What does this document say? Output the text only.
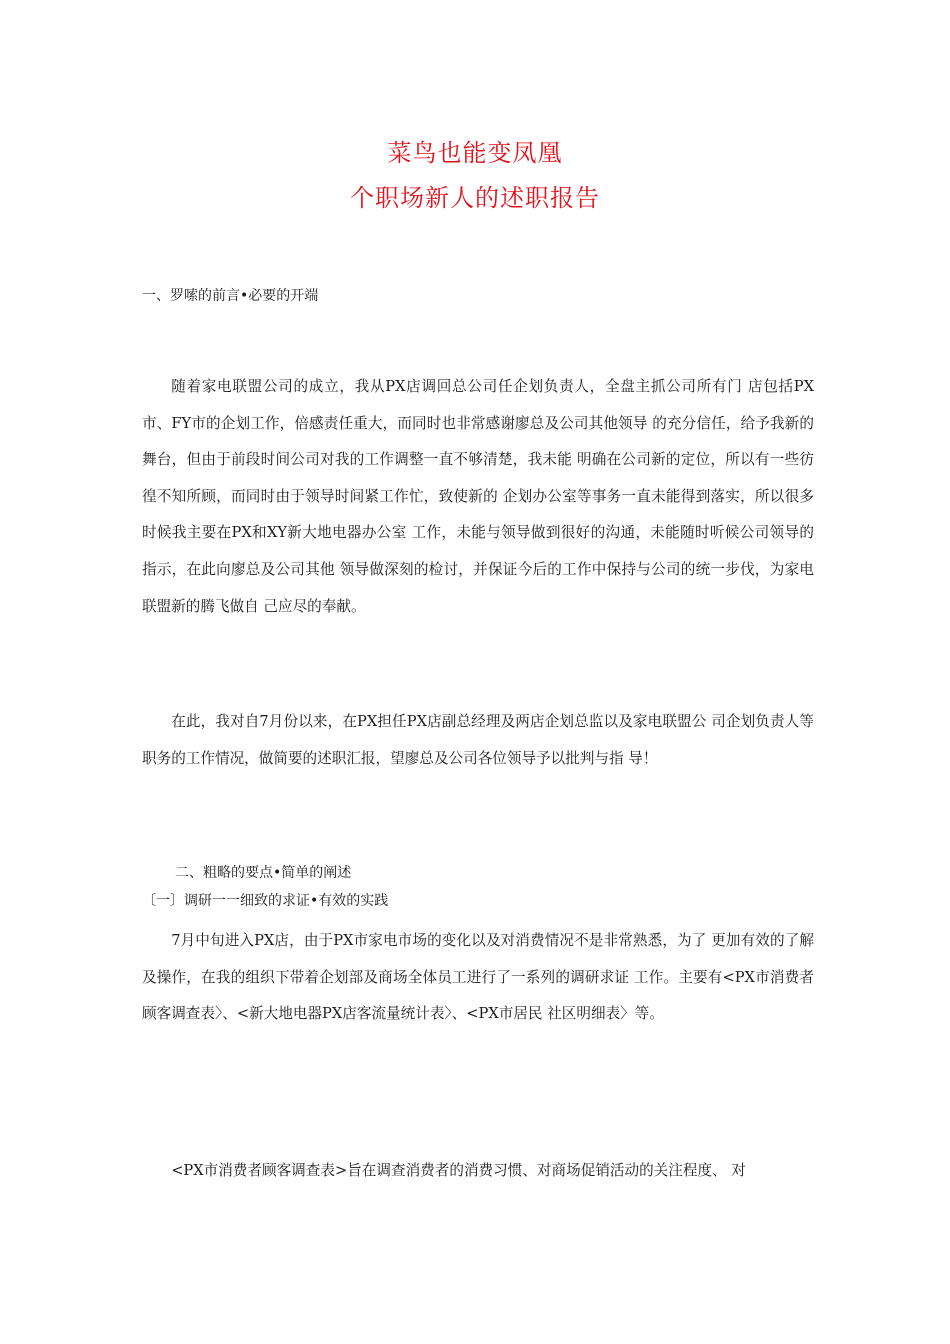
菜鸟也能变凤凰
个职场新人的述职报告
一、罗嗦的前言•必要的开端
随着家电联盟公司的成立，我从PX店调回总公司任企划负责人，全盘主抓公司所有门 店包括PX市、FY市的企划工作，倍感责任重大，而同时也非常感谢廖总及公司其他领导 的充分信任，给予我新的舞台，但由于前段时间公司对我的工作调整一直不够清楚，我未能 明确在公司新的定位，所以有一些彷徨不知所顾，而同时由于领导时间紧工作忙，致使新的 企划办公室等事务一直未能得到落实，所以很多时候我主要在PX和XY新大地电器办公室 工作，未能与领导做到很好的沟通，未能随时听候公司领导的指示，在此向廖总及公司其他 领导做深刻的检讨，并保证今后的工作中保持与公司的统一步伐，为家电联盟新的腾飞做自 己应尽的奉献。
在此，我对自7月份以来，在PX担任PX店副总经理及两店企划总监以及家电联盟公 司企划负责人等职务的工作情况，做简要的述职汇报，望廖总及公司各位领导予以批判与指 导！
二、粗略的要点•简单的阐述
〔一〕调研一一细致的求证•有效的实践
7月中旬进入PX店，由于PX市家电市场的变化以及对消费情况不是非常熟悉，为了 更加有效的了解及操作，在我的组织下带着企划部及商场全体员工进行了一系列的调研求证 工作。主要有<PX市消费者顾客调查表〉、<新大地电器PX店客流量统计表〉、<PX市居民 社区明细表〉等。
<PX市消费者顾客调查表>旨在调查消费者的消费习惯、对商场促销活动的关注程度、 对
